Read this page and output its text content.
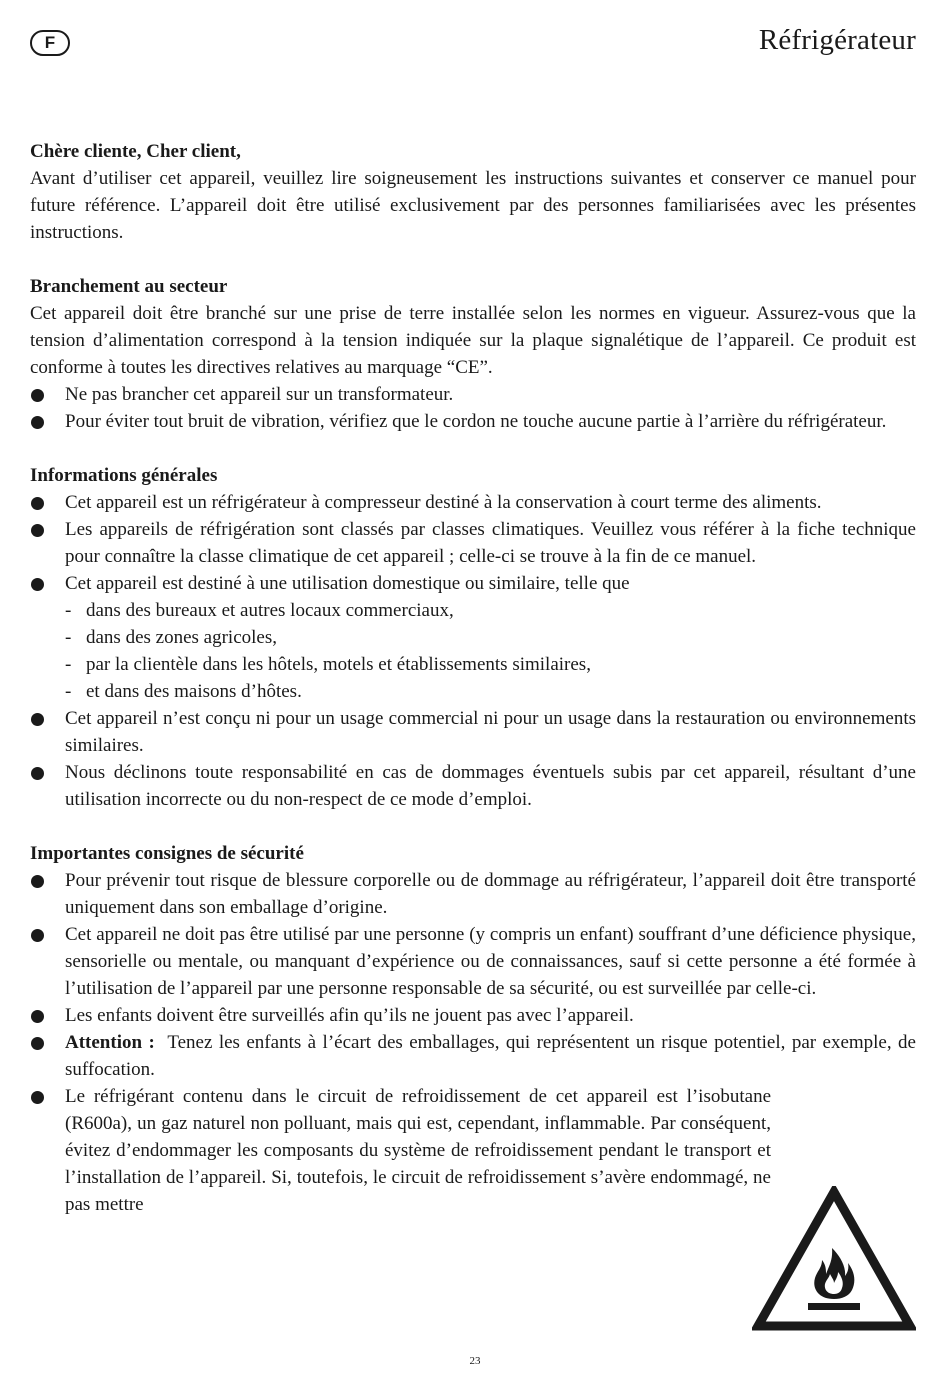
F	Réfrigérateur

Chère cliente, Cher client,

Avant d’utiliser cet appareil, veuillez lire soigneusement les instructions suivantes et conserver ce manuel pour future référence. L’appareil doit être utilisé exclusivement par des personnes familiarisées avec les présentes instructions.

Branchement au secteur

Cet appareil doit être branché sur une prise de terre installée selon les normes en vigueur. Assurez-vous que la tension d’alimentation correspond à la tension indiquée sur la plaque signalétique de l’appareil. Ce produit est conforme à toutes les directives relatives au marquage “CE”.

Ne pas brancher cet appareil sur un transformateur.
Pour éviter tout bruit de vibration, vérifiez que le cordon ne touche aucune partie à l’arrière du réfrigérateur.

Informations générales

Cet appareil est un réfrigérateur à compresseur destiné à la conservation à court terme des aliments.
Les appareils de réfrigération sont classés par classes climatiques. Veuillez vous référer à la fiche technique pour connaître la classe climatique de cet appareil ; celle-ci se trouve à la fin de ce manuel.
Cet appareil est destiné à une utilisation domestique ou similaire, telle que
- dans des bureaux et autres locaux commerciaux,
- dans des zones agricoles,
- par la clientèle dans les hôtels, motels et établissements similaires,
- et dans des maisons d’hôtes.
Cet appareil n’est conçu ni pour un usage commercial ni pour un usage dans la restauration ou environnements similaires.
Nous déclinons toute responsabilité en cas de dommages éventuels subis par cet appareil, résultant d’une utilisation incorrecte ou du non-respect de ce mode d’emploi.

Importantes consignes de sécurité

Pour prévenir tout risque de blessure corporelle ou de dommage au réfrigérateur, l’appareil doit être transporté uniquement dans son emballage d’origine.
Cet appareil ne doit pas être utilisé par une personne (y compris un enfant) souffrant d’une déficience physique, sensorielle ou mentale, ou manquant d’expérience ou de connaissances, sauf si cette personne a été formée à l’utilisation de l’appareil par une personne responsable de sa sécurité, ou est surveillée par celle-ci.
Les enfants doivent être surveillés afin qu’ils ne jouent pas avec l’appareil.
Attention :  Tenez les enfants à l’écart des emballages, qui représentent un risque potentiel, par exemple, de suffocation.
Le réfrigérant contenu dans le circuit de refroidissement de cet appareil est l’isobutane (R600a), un gaz naturel non polluant, mais qui est, cependant, inflammable. Par conséquent, évitez d’endommager les composants du système de refroidissement pendant le transport et l’installation de l’appareil. Si, toutefois, le circuit de refroidissement s’avère endommagé, ne pas mettre
23
